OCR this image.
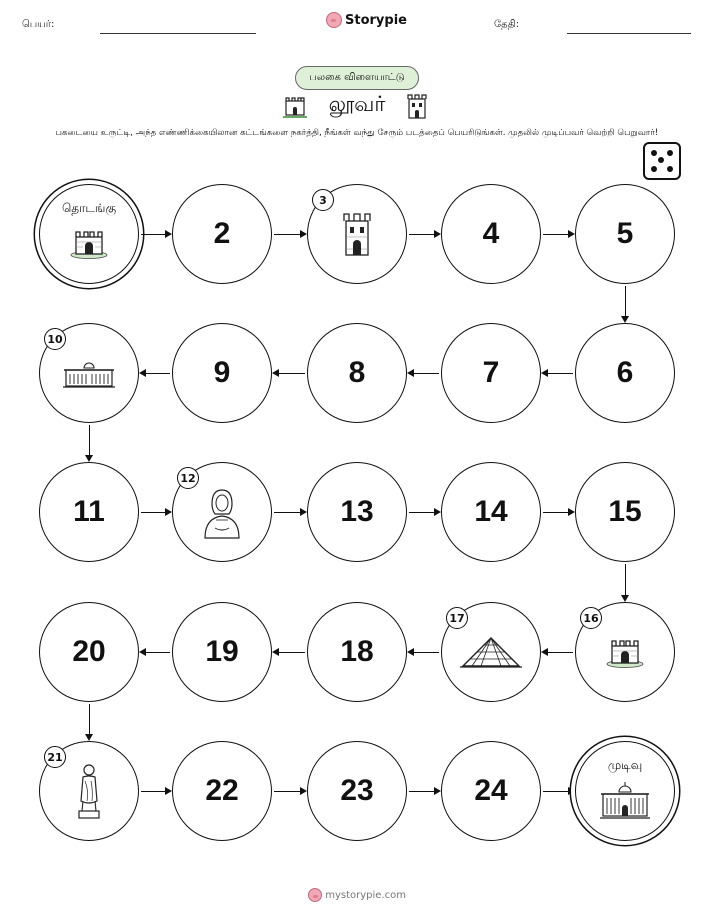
பெயர்:	Storypie	தேதி:
பலகை விளையாட்டு
லூவர்
பகடையை உருட்டி, அந்த எண்ணிக்கையிலான கட்டங்களை நகர்த்தி, நீங்கள் வந்து சேரும் படத்தைப் பெயரிடுங்கள். முதலில் முடிப்பவர் வெற்றி பெறுவார்!
தொடங்கு
2
3
4	5
6
7
8
9
10
11
12
13	14	15
16
17
18
19
20
21
22	23	24
முடிவு
mystorypie.com
